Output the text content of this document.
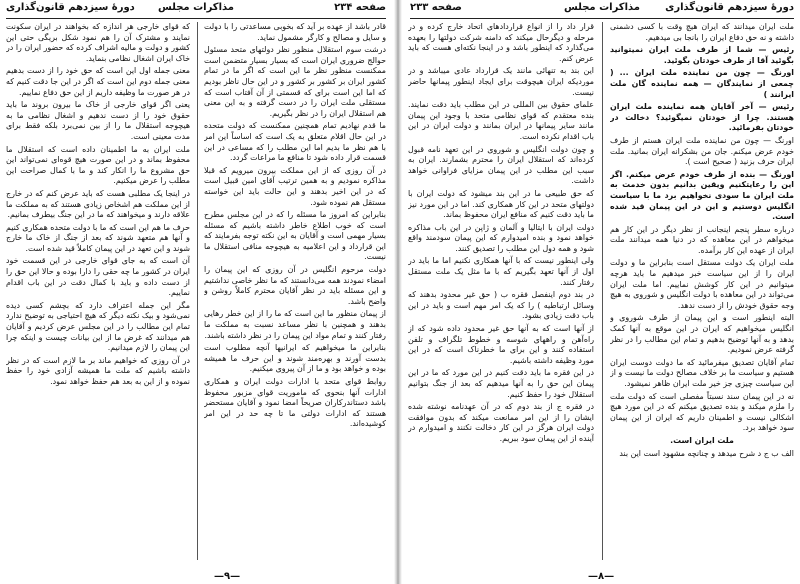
صفحه ۲۳۴
مذاکرات مجلس
دورهٔ سیزدهم قانون‌گذاری

قادر باشد از عهده بر آید که بخوبی مساعدتی را با دولت و سایل و مصالح و کارگر مشمول نماید.

درشت سوم استقلال منظور نظر دولتهای متحد مسئول حوالج ضروری ایران است که بسیار بسیار متضمن است ممکنست منظور نظر ما این است که اگر ما در تمام کشور ایران بر کشور بر کشور و در این حال ناظر بودیم که اما این است برای که قسمتی از آن آفتاب است که مستقلی ملت ایران را در دست گرفته و به این معنی هم استقلال ایران را در نظر بگیریم.

ما قدم نهادیم تمام همچنین ممکنست که دولت متحده در این حال اقلام متعلق به یک است که اساساً این امر با هم نظر ما بدیم اما این مطلب را که مساعی در این قسمت قرار داده شود تا منافع ما مراعات گردد.

در آن روزی که از این مملکت بیرون میرویم که قبلا مذاکره نمودیم و به همین ترتیب آقای امین قبیل است که در این اخیر بدهند و این حالت باید این خواسته مستقل هم نموده شود.

بنابراین که امروز ما مسئله را که در این مجلس مطرح است که خوب اطلاع خاطر داشته باشیم که مسئله بسیار مهمی است و آقایان به این نکته توجه بفرمایند که این قرارداد و این اعلامیه به هیچوجه منافی استقلال ما نیست.

دولت مرحوم انگلیس در آن روزی که این پیمان را امضاء نمودند همه می‌دانستند که ما نظر خاصی نداشتیم و این مسئله باید در نظر آقایان محترم کاملاً روشن و واضح باشد.

از پیمان منظور ما این است که ما را از این خطر رهایی بدهند و همچنین با نظر مساعد نسبت به مملکت ما رفتار کنند و تمام مواد این پیمان را در نظر داشته باشند.

بنابراین ما میخواهیم که ایرانیها آنچه مطلوب است بدست آورند و بهره‌مند شوند و این حرف ما همیشه بوده و خواهد بود و ما از آن پیروی میکنیم.

روابط قوای متحد با ادارات دولت ایران و همکاری ادارات آنها بنحوی که ماموریت قوای مزبور محفوظ باشد دستاندرکاران صریحاً امضا نمود و آقایان مستحضر هستند که ادارات دولتی ما تا چه حد در این امر کوشیده‌اند.

که قوای خارجی هر اندازه که بخواهند در ایران سکونت نمایند و مشترک آن را هم نمود شکل بریگی حتی این کشور و دولت و مالیه اشراف کرده که حضور ایران را در خاک ایران اشغال نظامی بنماید.

معنی جمله اول این است که حق خود را از دست بدهیم معنی جمله دوم این است که اگر در این جا دقت کنیم که در هر صورت ما وظیفه داریم از این حق دفاع نماییم.

یعنی اگر قوای خارجی از خاک ما بیرون بروند ما باید حقوق خود را از دست ندهیم و اشغال نظامی ما به هیچوجه استقلال ما را از بین نمی‌برد بلکه فقط برای مدت معینی است.

ملت ایران به ما اطمینان داده است که استقلال ما محفوظ بماند و در این صورت هیچ قوه‌ای نمی‌تواند این حق مشروع ما را انکار کند و ما با کمال صراحت این مطلب را عرض میکنیم.

در اینجا یک مطلبی هست که باید عرض کنم که در خارج از این مملکت هم اشخاص زیادی هستند که به مملکت ما علاقه دارند و میخواهند که ما در این جنگ بیطرف بمانیم.

حرف ما هم این است که ما با دولت متحده همکاری کنیم و آنها هم متعهد شوند که بعد از جنگ از خاک ما خارج شوند و این تعهد در این پیمان کاملاً قید شده است.

آن است که به جای قوای خارجی در این قسمت خود ایران در کشور ما چه حقی را دارا بوده و حالا این حق را از دست داده و باید با کمال دقت در این باب اقدام نماییم.

مگر این جمله اعتراف دارد که بچشم کسی دیده نمی‌شود و بیک نکته دیگر که هیچ احتیاجی به توضیح ندارد تمام این مطالب را در این مجلس عرض کردیم و آقایان هم میدانند که غرض ما از این بیانات چیست و اینکه چرا این پیمان را لازم میدانیم.

در آن روزی که خواهیم ماند بر ما لازم است که در نظر داشته باشیم که ملت ما همیشه آزادی خود را حفظ نموده و از این به بعد هم حفظ خواهد نمود.

—۹—
دورهٔ سیزدهم قانون‌گذاری
مذاکرات مجلس
صفحه ۲۳۳

ملت ایران میدانند که ایران هیچ وقت با کسی دشمنی داشته و نه حق دفاع ایران را بانجا بی میدهیم.

رئیس — شما از طرف ملت ایران نمیتوانید بگوئید آقا از طرف خودتان بگوئید.

اورنگ — چون من نماینده ملت ایران ... ( چمعی از نمایندگان — همه نماینده گان ملت ایرانند )

رئیس — آخر آقایان همه نماینده ملت ایران هستند. چرا از خودتان نمیگوئید؟ دخالت در خودتان بفرمائید.

اورنگ — چون من نماینده ملت ایران هستم از طرف خودم عرض میکنم. جان من بشکرانه ایران بمانید. ملت ایران حرف بزنید ( صحیح است ).

اورنگ — بنده از طرف خودم عرض میکنم. اگر این را رعایتکنیم ویقین بدانیم بدون خدمت به ملت ایران ما سودی نخواهیم برد ما با سیاست انگلیس دوستیم و این در این پیمان قید شده است.

درباره سطر پنجم اینجانب از نظر دیگر در این کار هم میخواهم در این معاهده که در دنیا همه میدانند ملت ایران از عهده این کار برآمده.

ملت ایران یک دولت مستقل است بنابراین ما و دولت ایران را از این سیاست خبر میدهیم ما باید هرچه میتوانیم در این کار کوشش نماییم. اما ملت ایران می‌تواند در این معاهده با دولت انگلیس و شوروی به هیچ وجه حقوق خودش را از دست ندهد.

البته اینطور است و این پیمان از طرف شوروی و انگلیس میخواهیم که ایران در این موقع به آنها کمک بدهد و به آنها توضیح بدهیم و تمام این مطالب را در نظر گرفته عرض نمودیم.

تمام آقایان تصدیق میفرمائید که ما دولت دوست ایران هستیم و سیاست ما بر خلاف مصالح دولت ما نیست و از این سیاست چیزی جز خیر ملت ایران ظاهر نمیشود.

نه در این پیمان سند نسبتاً مفصلی است که دولت ملت را ملزم میکند و بنده تصدیق میکنم که در این مورد هیچ اشکالی نیست و اطمینان داریم که ایران از این پیمان سود خواهد برد.

ملت ایران است.

الف ب ج د شرح میدهد و چنانچه مشهود است این بند

قرار داد را از انواع قراردادهای اتحاد خارج کرده و در مرحله و دیگرحال میکند که دامنه شرکت دولتها را بعهده می‌گذارد که اینطور باشد و در اینجا نکته‌ای هست که باید عرض کنم.

این بند به تنهائی مانند یک قرارداد عادی میباشد و در موردیکه ایران هیچوقت برای ایجاد اینطور پیمانها حاضر نیست.

علمای حقوق بین المللی در این مطلب باید دقت نمایند. بنده معتقدم که قوای نظامی متحد با وجود این پیمان مانند سایر پیمانها در ایران بمانند و دولت ایران در این باب اقدام نکرده است.

و چون دولت انگلیس و شوروی در این تعهد نامه قبول کرده‌اند که استقلال ایران را محترم بشمارند. ایران به سبب این مطلب در این پیمان مزایای فراوانی خواهد داشت.

که حق طبیعی ما در این بند میشود که دولت ایران با دولتهای متحد در این کار همکاری کند. اما در این مورد نیز ما باید دقت کنیم که منافع ایران محفوظ بماند.

دولت ایران با ایتالیا و آلمان و ژاپن در این باب مذاکره خواهد نمود و بنده امیدوارم که این پیمان سودمند واقع شود و همه دول این مطلب را تصدیق کنند.

ولی اینطور نیست که با آنها همکاری نکنیم اما ما باید در اول از آنها تعهد بگیریم که با ما مثل یک ملت مستقل رفتار کنند.

در بند دوم اینفصل فقره ب ( حق غیر محدود بدهند که وسائل ارتباطیه ) را که یک امر مهم است و باید در این باب دقت زیادی بشود.

از آنها است که به آنها حق غیر محدود داده شود که از راه‌آهن و راههای شوسه و خطوط تلگراف و تلفن استفاده کنند و این برای ما خطرناک است که در این مورد وظیفه داشته باشیم.

در این فقره ما باید دقت کنیم در این مورد که ما در این پیمان این حق را به آنها میدهیم که بعد از جنگ بتوانیم استقلال خود را حفظ کنیم.

در فقره ج از بند دوم که در آن عهدنامه نوشته شده ایشان را از این امر ممانعت میکند که بدون موافقت دولت ایران هرگز در این کار دخالت نکنند و امیدوارم در آینده از این پیمان سود ببریم.

—۸—
